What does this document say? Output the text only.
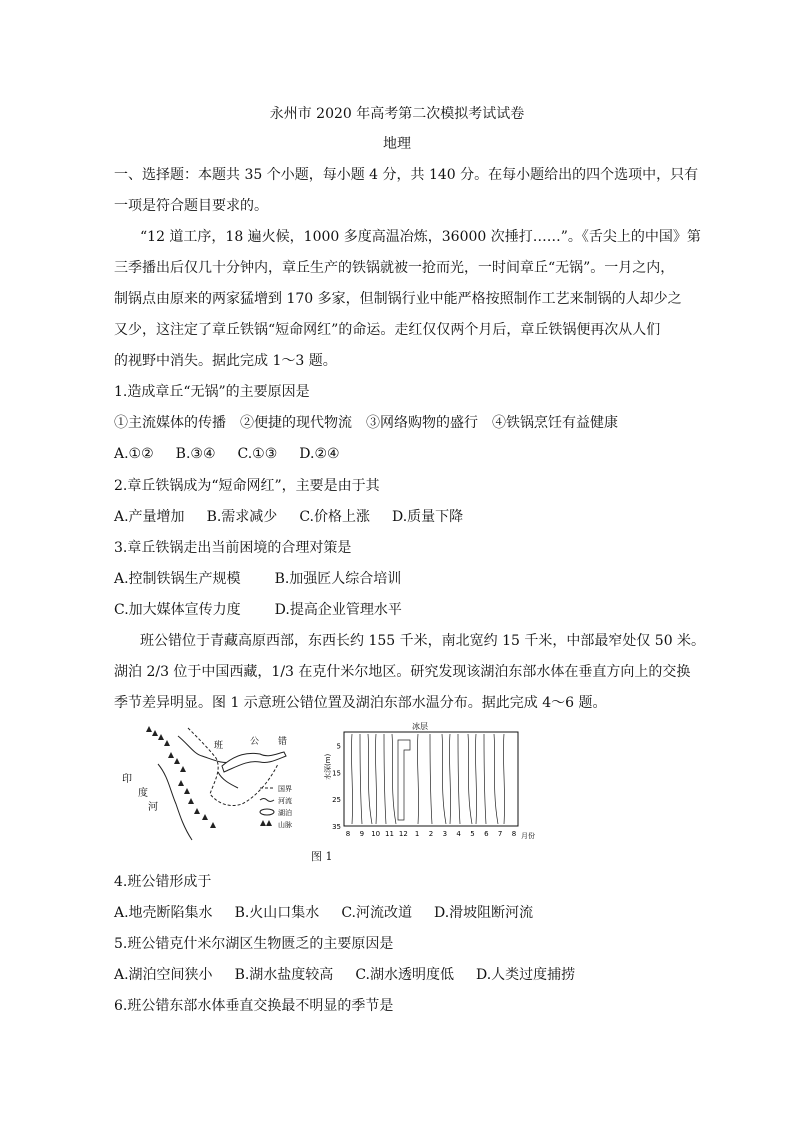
永州市 2020 年高考第二次模拟考试试卷
地理
一、选择题：本题共 35 个小题，每小题 4 分，共 140 分。在每小题给出的四个选项中，只有
一项是符合题目要求的。
“12 道工序，18 遍火候，1000 多度高温冶炼，36000 次捶打……”。《舌尖上的中国》第
三季播出后仅几十分钟内，章丘生产的铁锅就被一抢而光，一时间章丘“无锅”。一月之内，
制锅点由原来的两家猛增到 170 多家，但制锅行业中能严格按照制作工艺来制锅的人却少之
又少，这注定了章丘铁锅“短命网红”的命运。走红仅仅两个月后，章丘铁锅便再次从人们
的视野中消失。据此完成 1～3 题。
1.造成章丘“无锅”的主要原因是
①主流媒体的传播　②便捷的现代物流　③网络购物的盛行　④铁锅烹饪有益健康
A.①② B.③④ C.①③ D.②④
2.章丘铁锅成为“短命网红”，主要是由于其
A.产量增加 B.需求减少 C.价格上涨 D.质量下降
3.章丘铁锅走出当前困境的合理对策是
A.控制铁锅生产规模 B.加强匠人综合培训
C.加大媒体宣传力度 D.提高企业管理水平
班公错位于青藏高原西部，东西长约 155 千米，南北宽约 15 千米，中部最窄处仅 50 米。
湖泊 2/3 位于中国西藏，1/3 在克什米尔地区。研究发现该湖泊东部水体在垂直方向上的交换
季节差异明显。图 1 示意班公错位置及湖泊东部水温分布。据此完成 4～6 题。
印
度
河
班	公 错
国界
河流
湖泊
山脉
冰层
水深(m)
5
15
25
35
8 9 10 11 12 1 2 3 4 5 6 7 8 月份
图 1
4.班公错形成于
A.地壳断陷集水 B.火山口集水 C.河流改道 D.滑坡阻断河流
5.班公错克什米尔湖区生物匮乏的主要原因是
A.湖泊空间狭小 B.湖水盐度较高 C.湖水透明度低 D.人类过度捕捞
6.班公错东部水体垂直交换最不明显的季节是
